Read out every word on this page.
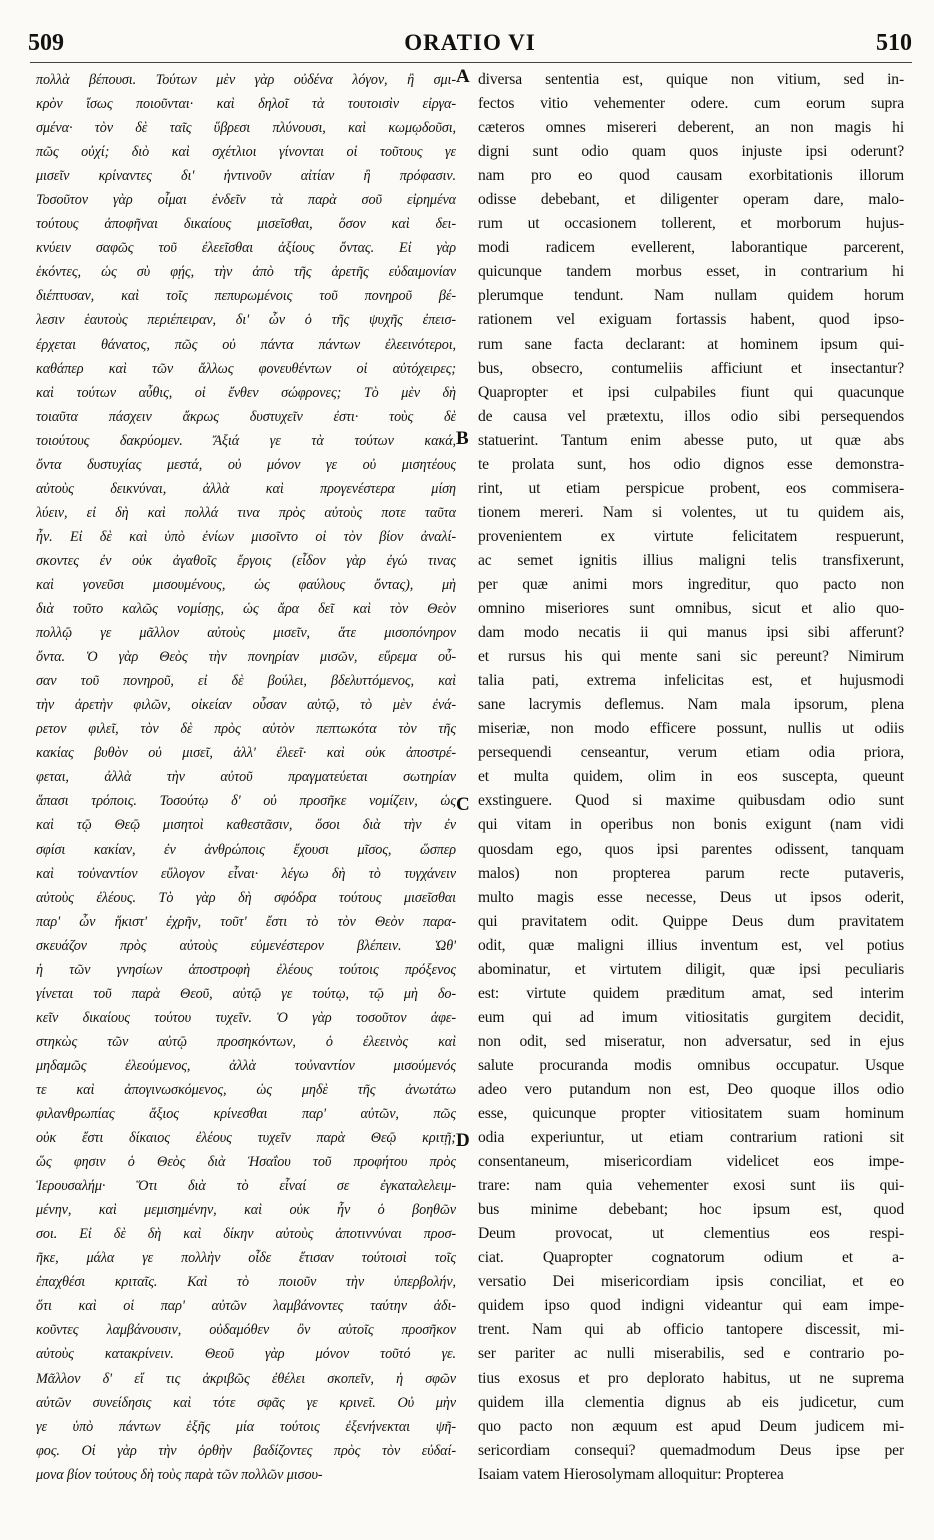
509	ORATIO VI	510
πολλὰ βέπουσι. Τούτων μὲν γὰρ οὐδένα λόγον, ἢ σμι-
κρὸν ἴσως ποιοῦνται· καὶ δηλοῖ τὰ τουτοισὶν εἰργα-
σμένα· τὸν δὲ ταῖς ὕβρεσι πλύνουσι, καὶ κωμῳδοῦσι,
πῶς οὐχί; διὸ καὶ σχέτλιοι γίνονται οἱ τοῦτους γε
μισεῖν κρίναντες δι' ἡντινοῦν αἰτίαν ἢ πρόφασιν.
Τοσοῦτον γὰρ οἶμαι ἐνδεῖν τὰ παρὰ σοῦ εἰρημένα
τούτους ἀποφῆναι δικαίους μισεῖσθαι, ὅσον καὶ δει-
κνύειν σαφῶς τοῦ ἐλεεῖσθαι ἀξίους ὄντας. Εἰ γὰρ
ἑκόντες, ὡς σὺ φῄς, τὴν ἀπὸ τῆς ἀρετῆς εὐδαιμονίαν
διέπτυσαν, καὶ τοῖς πεπυρωμένοις τοῦ πονηροῦ βέ-
λεσιν ἑαυτοὺς περιέπειραν, δι' ὧν ὁ τῆς ψυχῆς ἐπεισ-
έρχεται θάνατος, πῶς οὐ πάντα πάντων ἐλεεινότεροι,
καθάπερ καὶ τῶν ἄλλως φονευθέντων οἱ αὐτόχειρες;
καὶ τούτων αὖθις, οἱ ἔνθεν σώφρονες; Τὸ μὲν δὴ
τοιαῦτα πάσχειν ἄκρως δυστυχεῖν ἐστι· τοὺς δὲ
τοιούτους δακρύομεν. Ἄξιά γε τὰ τούτων κακά,
ὄντα δυστυχίας μεστά, οὐ μόνον γε οὐ μισητέους
αὐτοὺς δεικνύναι, ἀλλὰ καὶ προγενέστερα μίση
λύειν, εἰ δὴ καὶ πολλά τινα πρὸς αὐτοὺς ποτε ταῦτα
ἦν. Εἰ δὲ καὶ ὑπὸ ἐνίων μισοῖντο οἱ τὸν βίον ἀναλί-
σκοντες ἐν οὐκ ἀγαθοῖς ἔργοις (εἶδον γὰρ ἐγώ τινας
καὶ γονεῦσι μισουμένους, ὡς φαύλους ὄντας), μὴ
διὰ τοῦτο καλῶς νομίσῃς, ὡς ἄρα δεῖ καὶ τὸν Θεὸν
πολλῷ γε μᾶλλον αὐτοὺς μισεῖν, ἅτε μισοπόνηρον
ὄντα. Ὁ γὰρ Θεὸς τὴν πονηρίαν μισῶν, εὕρεμα οὖ-
σαν τοῦ πονηροῦ, εἰ δὲ βούλει, βδελυττόμενος, καὶ
τὴν ἀρετὴν φιλῶν, οἰκείαν οὖσαν αὐτῷ, τὸ μὲν ἐνά-
ρετον φιλεῖ, τὸν δὲ πρὸς αὐτὸν πεπτωκότα τὸν τῆς
κακίας βυθὸν οὐ μισεῖ, ἀλλ' ἐλεεῖ· καὶ οὐκ ἀποστρέ-
φεται, ἀλλὰ τὴν αὐτοῦ πραγματεύεται σωτηρίαν
ἅπασι τρόποις. Τοσούτῳ δ' οὐ προσῆκε νομίζειν, ὡς
καὶ τῷ Θεῷ μισητοὶ καθεστᾶσιν, ὅσοι διὰ τὴν ἐν
σφίσι κακίαν, ἐν ἀνθρώποις ἔχουσι μῖσος, ὥσπερ
καὶ τοὐναντίον εὔλογον εἶναι· λέγω δὴ τὸ τυγχάνειν
αὐτοὺς ἐλέους. Τὸ γὰρ δὴ σφόδρα τούτους μισεῖσθαι
παρ' ὧν ἥκιστ' ἐχρῆν, τοῦτ' ἔστι τὸ τὸν Θεὸν παρα-
σκευάζον πρὸς αὐτοὺς εὐμενέστερον βλέπειν. Ὡθ'
ἡ τῶν γνησίων ἀποστροφὴ ἐλέους τούτοις πρόξενος
γίνεται τοῦ παρὰ Θεοῦ, αὐτῷ γε τούτῳ, τῷ μὴ δο-
κεῖν δικαίους τούτου τυχεῖν. Ὁ γὰρ τοσοῦτον ἀφε-
στηκὼς τῶν αὐτῷ προσηκόντων, ὁ ἐλεεινὸς καὶ
μηδαμῶς ἐλεούμενος, ἀλλὰ τοὐναντίον μισούμενός
τε καὶ ἀπογινωσκόμενος, ὡς μηδὲ τῆς ἀνωτάτω
φιλανθρωπίας ἄξιος κρίνεσθαι παρ' αὐτῶν, πῶς
οὐκ ἔστι δίκαιος ἐλέους τυχεῖν παρὰ Θεῷ κριτῇ;
ὥς φησιν ὁ Θεὸς διὰ Ἡσαΐου τοῦ προφήτου πρὸς
Ἱερουσαλήμ· Ὅτι διὰ τὸ εἶναί σε ἐγκαταλελειμ-
μένην, καὶ μεμισημένην, καὶ οὐκ ἦν ὁ βοηθῶν
σοι. Εἰ δὲ δὴ καὶ δίκην αὐτοὺς ἀποτιννύναι προσ-
ῆκε, μάλα γε πολλὴν οἶδε ἔτισαν τούτοισὶ τοῖς
ἐπαχθέσι κριταῖς. Καὶ τὸ ποιοῦν τὴν ὑπερβολήν,
ὅτι καὶ οἱ παρ' αὐτῶν λαμβάνοντες ταύτην ἀδι-
κοῦντες λαμβάνουσιν, οὐδαμόθεν ὂν αὐτοῖς προσῆκον
αὐτοὺς κατακρίνειν. Θεοῦ γὰρ μόνον τοῦτό γε.
Μᾶλλον δ' εἴ τις ἀκριβῶς ἐθέλει σκοπεῖν, ἡ σφῶν
αὐτῶν συνείδησις καὶ τότε σφᾶς γε κρινεῖ. Οὐ μὴν
γε ὑπὸ πάντων ἑξῆς μία τούτοις ἐξενήνεκται ψῆ-
φος. Οἱ γὰρ τὴν ὀρθὴν βαδίζοντες πρὸς τὸν εὐδαί-
μονα βίον τούτους δὴ τοὺς παρὰ τῶν πολλῶν μισου-
A
B
C
D
diversa sententia est, quique non vitium, sed in-
fectos vitio vehementer odere. cum eorum supra
cæteros omnes misereri deberent, an non magis hi
digni sunt odio quam quos injuste ipsi oderunt?
nam pro eo quod causam exorbitationis illorum
odisse debebant, et diligenter operam dare, malo-
rum ut occasionem tollerent, et morborum hujus-
modi radicem evellerent, laborantique parcerent,
quicunque tandem morbus esset, in contrarium hi
plerumque tendunt. Nam nullam quidem horum
rationem vel exiguam fortassis habent, quod ipso-
rum sane facta declarant: at hominem ipsum qui-
bus, obsecro, contumeliis afficiunt et insectantur?
Quapropter et ipsi culpabiles fiunt qui quacunque
de causa vel prætextu, illos odio sibi persequendos
statuerint. Tantum enim abesse puto, ut quæ abs
te prolata sunt, hos odio dignos esse demonstra-
rint, ut etiam perspicue probent, eos commisera-
tionem mereri. Nam si volentes, ut tu quidem ais,
provenientem ex virtute felicitatem respuerunt,
ac semet ignitis illius maligni telis transfixerunt,
per quæ animi mors ingreditur, quo pacto non
omnino miseriores sunt omnibus, sicut et alio quo-
dam modo necatis ii qui manus ipsi sibi afferunt?
et rursus his qui mente sani sic pereunt? Nimirum
talia pati, extrema infelicitas est, et hujusmodi
sane lacrymis deflemus. Nam mala ipsorum, plena
miseriæ, non modo efficere possunt, nullis ut odiis
persequendi censeantur, verum etiam odia priora,
et multa quidem, olim in eos suscepta, queunt
exstinguere. Quod si maxime quibusdam odio sunt
qui vitam in operibus non bonis exigunt (nam vidi
quosdam ego, quos ipsi parentes odissent, tanquam
malos) non propterea parum recte putaveris,
multo magis esse necesse, Deus ut ipsos oderit,
qui pravitatem odit. Quippe Deus dum pravitatem
odit, quæ maligni illius inventum est, vel potius
abominatur, et virtutem diligit, quæ ipsi peculiaris
est: virtute quidem præditum amat, sed interim
eum qui ad imum vitiositatis gurgitem decidit,
non odit, sed miseratur, non adversatur, sed in ejus
salute procuranda modis omnibus occupatur. Usque
adeo vero putandum non est, Deo quoque illos odio
esse, quicunque propter vitiositatem suam hominum
odia experiuntur, ut etiam contrarium rationi sit
consentaneum, misericordiam videlicet eos impe-
trare: nam quia vehementer exosi sunt iis qui-
bus minime debebant; hoc ipsum est, quod
Deum provocat, ut clementius eos respi-
ciat. Quapropter cognatorum odium et a-
versatio Dei misericordiam ipsis conciliat, et eo
quidem ipso quod indigni videantur qui eam impe-
trent. Nam qui ab officio tantopere discessit, mi-
ser pariter ac nulli miserabilis, sed e contrario po-
tius exosus et pro deplorato habitus, ut ne suprema
quidem illa clementia dignus ab eis judicetur, cum
quo pacto non æquum est apud Deum judicem mi-
sericordiam consequi? quemadmodum Deus ipse per
Isaiam vatem Hierosolymam alloquitur: Propterea
